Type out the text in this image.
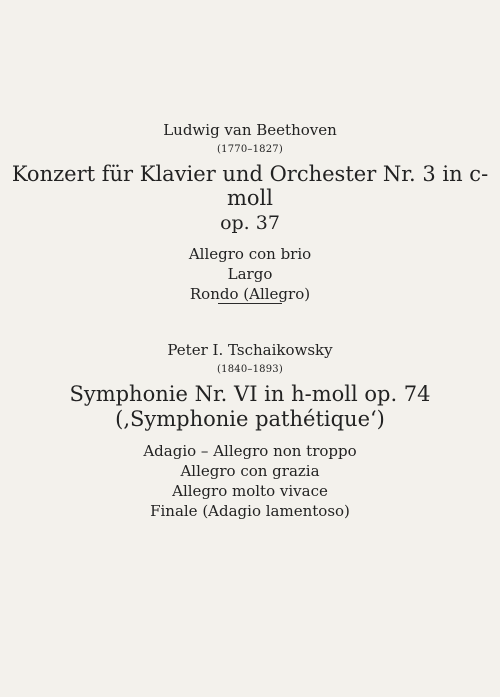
Ludwig van Beethoven
(1770–1827)
Konzert für Klavier und Orchester Nr. 3 in c-moll
op. 37
Allegro con brio
Largo
Rondo (Allegro)
Peter I. Tschaikowsky
(1840–1893)
Symphonie Nr. VI in h-moll op. 74
(‚Symphonie pathétique‘)
Adagio – Allegro non troppo
Allegro con grazia
Allegro molto vivace
Finale (Adagio lamentoso)
